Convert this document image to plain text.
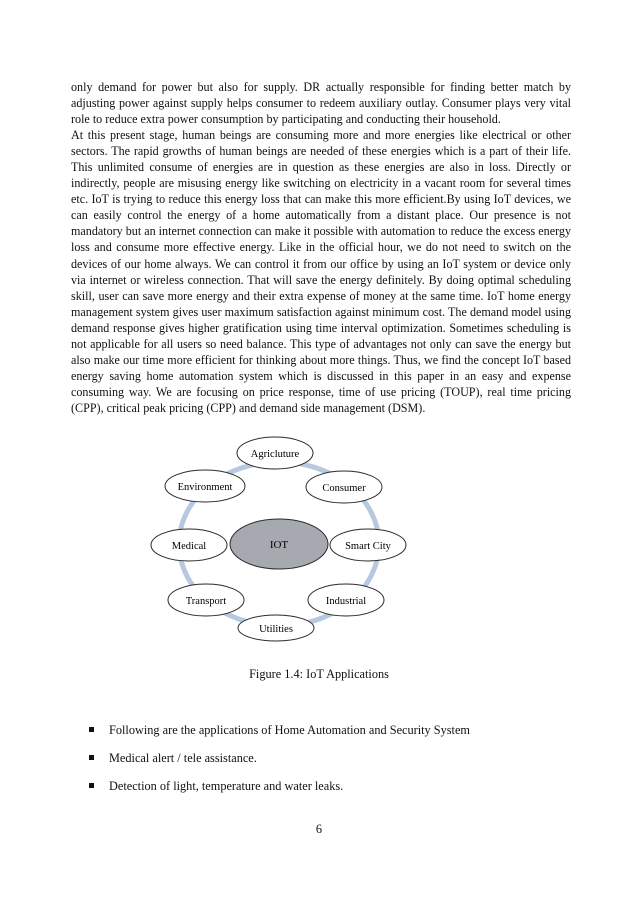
only demand for power but also for supply. DR actually responsible for finding better match by adjusting power against supply helps consumer to redeem auxiliary outlay. Consumer plays very vital role to reduce extra power consumption by participating and conducting their household.

At this present stage, human beings are consuming more and more energies like electrical or other sectors. The rapid growths of human beings are needed of these energies which is a part of their life. This unlimited consume of energies are in question as these energies are also in loss. Directly or indirectly, people are misusing energy like switching on electricity in a vacant room for several times etc. IoT is trying to reduce this energy loss that can make this more efficient.By using IoT devices, we can easily control the energy of a home automatically from a distant place. Our presence is not mandatory but an internet connection can make it possible with automation to reduce the excess energy loss and consume more effective energy. Like in the official hour, we do not need to switch on the devices of our home always. We can control it from our office by using an IoT system or device only via internet or wireless connection. That will save the energy definitely. By doing optimal scheduling skill, user can save more energy and their extra expense of money at the same time. IoT home energy management system gives user maximum satisfaction against minimum cost. The demand model using demand response gives higher gratification using time interval optimization. Sometimes scheduling is not applicable for all users so need balance. This type of advantages not only can save the energy but also make our time more efficient for thinking about more things. Thus, we find the concept IoT based energy saving home automation system which is discussed in this paper in an easy and expense consuming way. We are focusing on price response, time of use pricing (TOUP), real time pricing (CPP), critical peak pricing (CPP) and demand side management (DSM).

IOT
Agricluture
Consumer
Smart City
Industrial
Utilities
Transport
Medical
Environment
Figure 1.4: IoT Applications
Following are the applications of Home Automation and Security System
Medical alert / tele assistance.
Detection of light, temperature and water leaks.
6
